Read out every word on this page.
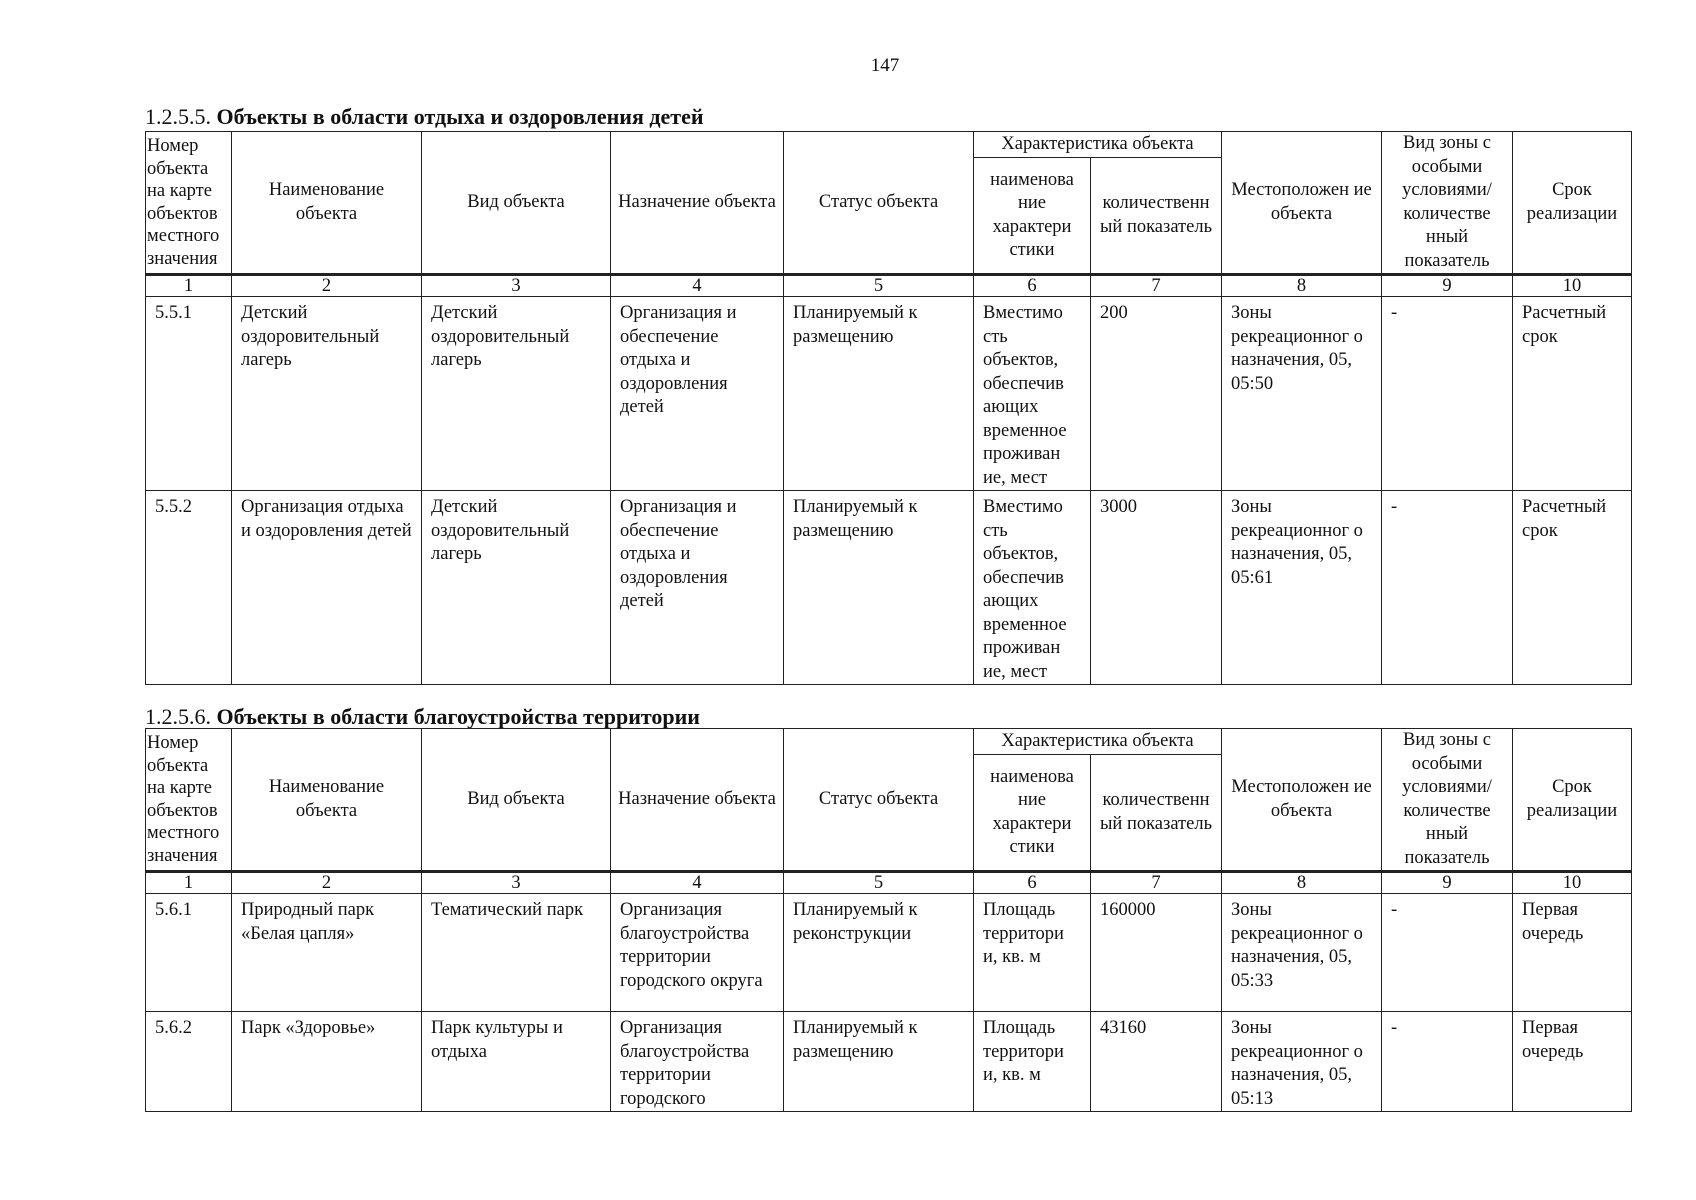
147
1.2.5.5. Объекты в области отдыха и оздоровления детей
Номер объекта на карте объектов местного значения	Наименование объекта	Вид объекта	Назначение объекта	Статус объекта	Характеристика объекта		Местоположен ие объекта	Вид зоны с особыми условиями/ количестве нный показатель	Срок реализации
					наименова ние характери стики	количественн ый показатель			
1	2	3	4	5	6	7	8	9	10
5.5.1	Детский оздоровительный лагерь	Детский оздоровительный лагерь	Организация и обеспечение отдыха и оздоровления детей	Планируемый к размещению	Вместимо сть объектов, обеспечив ающих временное проживан ие, мест	200	Зоны рекреационног о назначения, 05, 05:50	-	Расчетный срок
5.5.2	Организация отдыха и оздоровления детей	Детский оздоровительный лагерь	Организация и обеспечение отдыха и оздоровления детей	Планируемый к размещению	Вместимо сть объектов, обеспечив ающих временное проживан ие, мест	3000	Зоны рекреационног о назначения, 05, 05:61	-	Расчетный срок
1.2.5.6. Объекты в области благоустройства территории
Номер объекта на карте объектов местного значения	Наименование объекта	Вид объекта	Назначение объекта	Статус объекта	Характеристика объекта		Местоположен ие объекта	Вид зоны с особыми условиями/ количестве нный показатель	Срок реализации
					наименова ние характери стики	количественн ый показатель			
1	2	3	4	5	6	7	8	9	10
5.6.1	Природный парк «Белая цапля»	Тематический парк	Организация благоустройства территории городского округа	Планируемый к реконструкции	Площадь территори и, кв. м	160000	Зоны рекреационног о назначения, 05, 05:33	-	Первая очередь
5.6.2	Парк «Здоровье»	Парк культуры и отдыха	Организация благоустройства территории городского	Планируемый к размещению	Площадь территори и, кв. м	43160	Зоны рекреационног о назначения, 05, 05:13	-	Первая очередь
